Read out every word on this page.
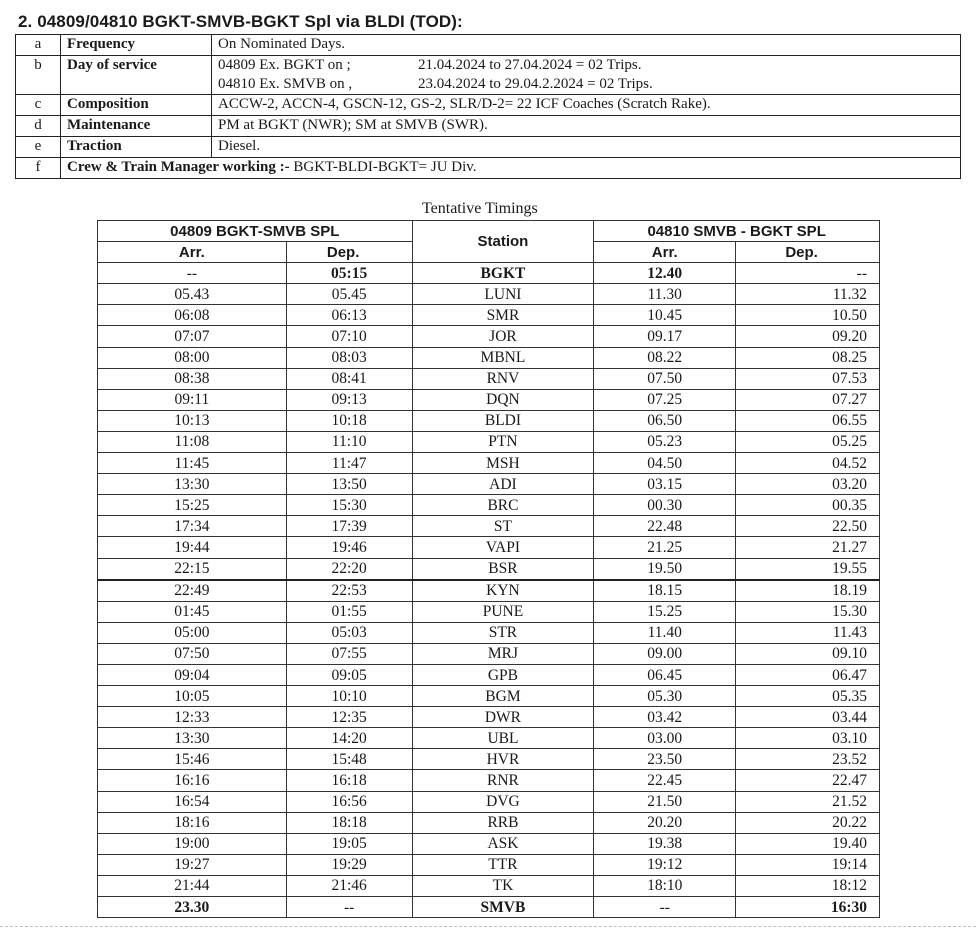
2. 04809/04810 BGKT-SMVB-BGKT Spl via BLDI (TOD):
a	Frequency	On Nominated Days.
b	Day of service	04809 Ex. BGKT on ; 21.04.2024 to 27.04.2024 = 02 Trips.
04810 Ex. SMVB on , 23.04.2024 to 29.04.2.2024 = 02 Trips.

c	Composition	ACCW-2, ACCN-4, GSCN-12, GS-2, SLR/D-2= 22 ICF Coaches (Scratch Rake).
d	Maintenance	PM at BGKT (NWR); SM at SMVB (SWR).
e	Traction	Diesel.
f	Crew & Train Manager working :- BGKT-BLDI-BGKT= JU Div.	
Tentative Timings
04809 BGKT-SMVB SPL		Station	04810 SMVB - BGKT SPL	
Arr.	Dep.		Arr.	Dep.
--	05:15	BGKT	12.40	--
05.43	05.45	LUNI	11.30	11.32
06:08	06:13	SMR	10.45	10.50
07:07	07:10	JOR	09.17	09.20
08:00	08:03	MBNL	08.22	08.25
08:38	08:41	RNV	07.50	07.53
09:11	09:13	DQN	07.25	07.27
10:13	10:18	BLDI	06.50	06.55
11:08	11:10	PTN	05.23	05.25
11:45	11:47	MSH	04.50	04.52
13:30	13:50	ADI	03.15	03.20
15:25	15:30	BRC	00.30	00.35
17:34	17:39	ST	22.48	22.50
19:44	19:46	VAPI	21.25	21.27
22:15	22:20	BSR	19.50	19.55
22:49	22:53	KYN	18.15	18.19
01:45	01:55	PUNE	15.25	15.30
05:00	05:03	STR	11.40	11.43
07:50	07:55	MRJ	09.00	09.10
09:04	09:05	GPB	06.45	06.47
10:05	10:10	BGM	05.30	05.35
12:33	12:35	DWR	03.42	03.44
13:30	14:20	UBL	03.00	03.10
15:46	15:48	HVR	23.50	23.52
16:16	16:18	RNR	22.45	22.47
16:54	16:56	DVG	21.50	21.52
18:16	18:18	RRB	20.20	20.22
19:00	19:05	ASK	19.38	19.40
19:27	19:29	TTR	19:12	19:14
21:44	21:46	TK	18:10	18:12
23.30	--	SMVB	--	16:30
